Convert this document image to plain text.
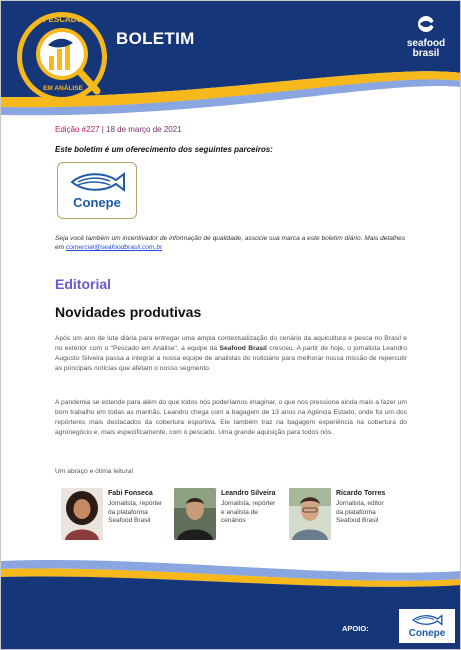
PESCADO
EM ANÁLISE
BOLETIM	seafood
brasil
Edição #227 | 18 de março de 2021
Este boletim é um oferecimento dos seguintes parceiros:
Conepe
Seja você também um incentivador de informação de qualidade, associe sua marca a este boletim diário. Mais detalhes em comercial@seafoodbrasil.com.br
Editorial
Novidades produtivas
Após um ano de luta diária para entregar uma ampla contextualização do cenário da aquicultura e pesca no Brasil e no exterior com o "Pescado em Análise", a equipe da Seafood Brasil cresceu. A partir de hoje, o jornalista Leandro Augusto Silveira passa a integrar a nossa equipe de analistas do noticiário para melhorar nossa missão de repercutir as principais notícias que afetam o nosso segmento.
A pandemia se estende para além do que todos nós poderíamos imaginar, o que nos pressiona ainda mais a fazer um bom trabalho em todas as manhãs. Leandro chega com a bagagem de 13 anos na Agência Estado, onde foi um dos repórteres mais destacados da cobertura esportiva. Ele também traz na bagagem experiência na cobertura do agronegócio e, mais especificamente, com o pescado. Uma grande aquisição para todos nós.
Um abraço e ótima leitura!
Fabi Fonseca
Jornalista, repórter da plataforma Seafood Brasil
Leandro Silveira
Jornalista, repórter e analista de cenários
Ricardo Torres
Jornalista, editor da plataforma Seafood Brasil
APOIO:	Conepe
